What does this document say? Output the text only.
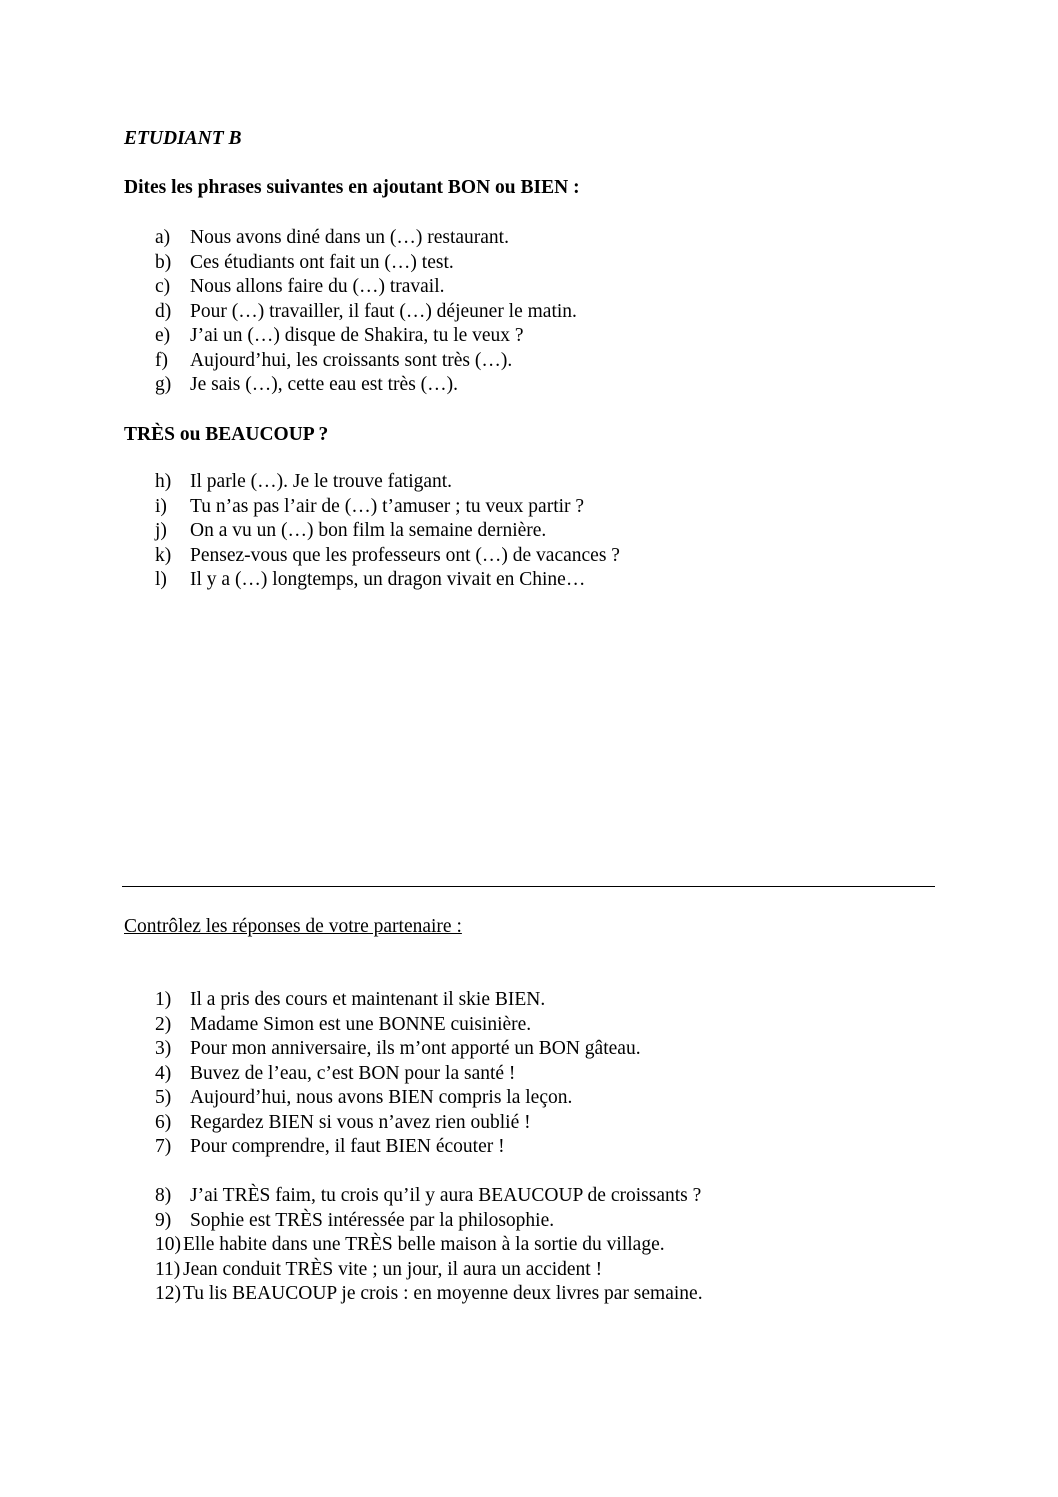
ETUDIANT B
Dites les phrases suivantes en ajoutant BON ou BIEN :
a) Nous avons diné dans un (…) restaurant.
b) Ces étudiants ont fait un (…) test.
c) Nous allons faire du (…) travail.
d) Pour (…) travailler, il faut (…) déjeuner le matin.
e) J’ai un (…) disque de Shakira, tu le veux ?
f) Aujourd’hui, les croissants sont très (…).
g) Je sais (…), cette eau est très (…).
TRÈS ou BEAUCOUP ?
h) Il parle (…). Je le trouve fatigant.
i) Tu n’as pas l’air de (…) t’amuser ; tu veux partir ?
j) On a vu un (…) bon film la semaine dernière.
k) Pensez-vous que les professeurs ont (…) de vacances ?
l) Il y a (…) longtemps, un dragon vivait en Chine…
Contrôlez les réponses de votre partenaire :
1) Il a pris des cours et maintenant il skie BIEN.
2) Madame Simon est une BONNE cuisinière.
3) Pour mon anniversaire, ils m’ont apporté un BON gâteau.
4) Buvez de l’eau, c’est BON pour la santé !
5) Aujourd’hui, nous avons BIEN compris la leçon.
6) Regardez BIEN si vous n’avez rien oublié !
7) Pour comprendre, il faut BIEN écouter !
8) J’ai TRÈS faim, tu crois qu’il y aura BEAUCOUP de croissants ?
9) Sophie est TRÈS intéressée par la philosophie.
10) Elle habite dans une TRÈS belle maison à la sortie du village.
11) Jean conduit TRÈS vite ; un jour, il aura un accident !
12) Tu lis BEAUCOUP je crois : en moyenne deux livres par semaine.
